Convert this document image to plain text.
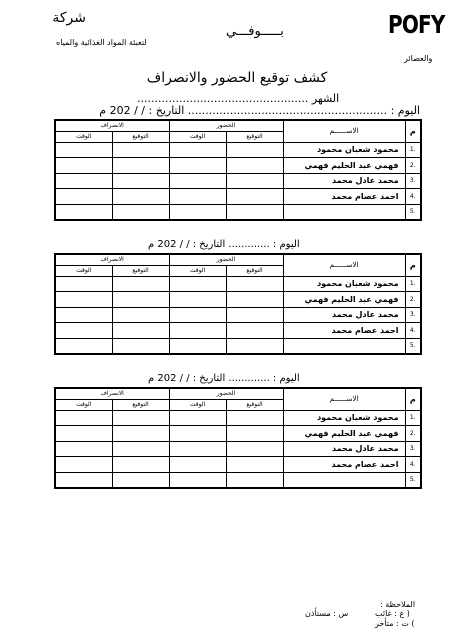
POFY
شركة
لتعبئة المواد الغذائية والمياه
بـــــوفـــي
والعصائر
كشف توقيع الحضور والانصراف
الشهر .................................................
اليوم : ......................................................... التاريخ : / / 202 م
الانصراف		الحضور		الاســــــم	م
الوقت	التوقيع	الوقت	التوقيع		
				محمود شعبان محمود	1.
				فهمي عبد الحليم فهمي	2.
				محمد عادل محمد	3.
				احمد عصام محمد	4.
					5.
اليوم : ............. التاريخ : / / 202 م
الانصراف		الحضور		الاســــــم	م
الوقت	التوقيع	الوقت	التوقيع		
				محمود شعبان محمود	1.
				فهمي عبد الحليم فهمي	2.
				محمد عادل محمد	3.
				احمد عصام محمد	4.
					5.
اليوم : ............. التاريخ : / / 202 م
الانصراف		الحضور		الاســــــم	م
الوقت	التوقيع	الوقت	التوقيع		
				محمود شعبان محمود	1.
				فهمي عبد الحليم فهمي	2.
				محمد عادل محمد	3.
				احمد عصام محمد	4.
					5.
الملاحظة :
س : مستأذن	( غ : غائب
) ت : متأخر
